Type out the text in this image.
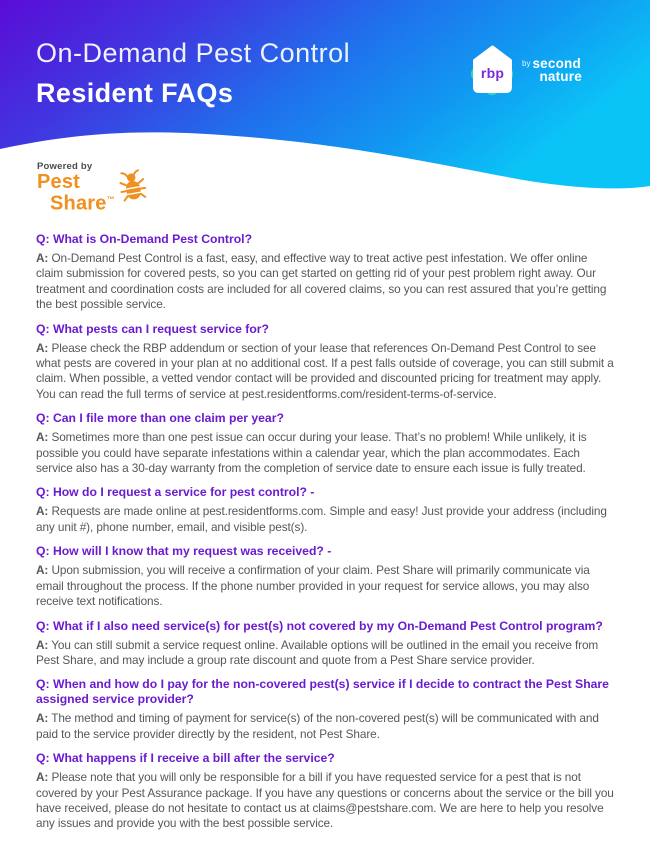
On-Demand Pest Control
Resident FAQs
rbp
by second
nature
Powered by
Pest
Share™

Q: What is On-Demand Pest Control?

A: On-Demand Pest Control is a fast, easy, and effective way to treat active pest infestation. We offer online claim submission for covered pests, so you can get started on getting rid of your pest problem right away. Our treatment and coordination costs are included for all covered claims, so you can rest assured that you’re getting the best possible service.

Q: What pests can I request service for?

A: Please check the RBP addendum or section of your lease that references On-Demand Pest Control to see what pests are covered in your plan at no additional cost. If a pest falls outside of coverage, you can still submit a claim. When possible, a vetted vendor contact will be provided and discounted pricing for treatment may apply. You can read the full terms of service at pest.residentforms.com/resident-terms-of-service.

Q: Can I file more than one claim per year?

A: Sometimes more than one pest issue can occur during your lease. That’s no problem! While unlikely, it is possible you could have separate infestations within a calendar year, which the plan accommodates. Each service also has a 30-day warranty from the completion of service date to ensure each issue is fully treated.

Q: How do I request a service for pest control? -

A: Requests are made online at pest.residentforms.com. Simple and easy! Just provide your address (including any unit #), phone number, email, and visible pest(s).

Q: How will I know that my request was received? -

A: Upon submission, you will receive a confirmation of your claim. Pest Share will primarily communicate via email throughout the process. If the phone number provided in your request for service allows, you may also receive text notifications.

Q: What if I also need service(s) for pest(s) not covered by my On-Demand Pest Control program?

A: You can still submit a service request online. Available options will be outlined in the email you receive from Pest Share, and may include a group rate discount and quote from a Pest Share service provider.

Q: When and how do I pay for the non-covered pest(s) service if I decide to contract the Pest Share assigned service provider?

A: The method and timing of payment for service(s) of the non-covered pest(s) will be communicated with and paid to the service provider directly by the resident, not Pest Share.

Q: What happens if I receive a bill after the service?

A: Please note that you will only be responsible for a bill if you have requested service for a pest that is not covered by your Pest Assurance package. If you have any questions or concerns about the service or the bill you have received, please do not hesitate to contact us at claims@pestshare.com. We are here to help you resolve any issues and provide you with the best possible service.
